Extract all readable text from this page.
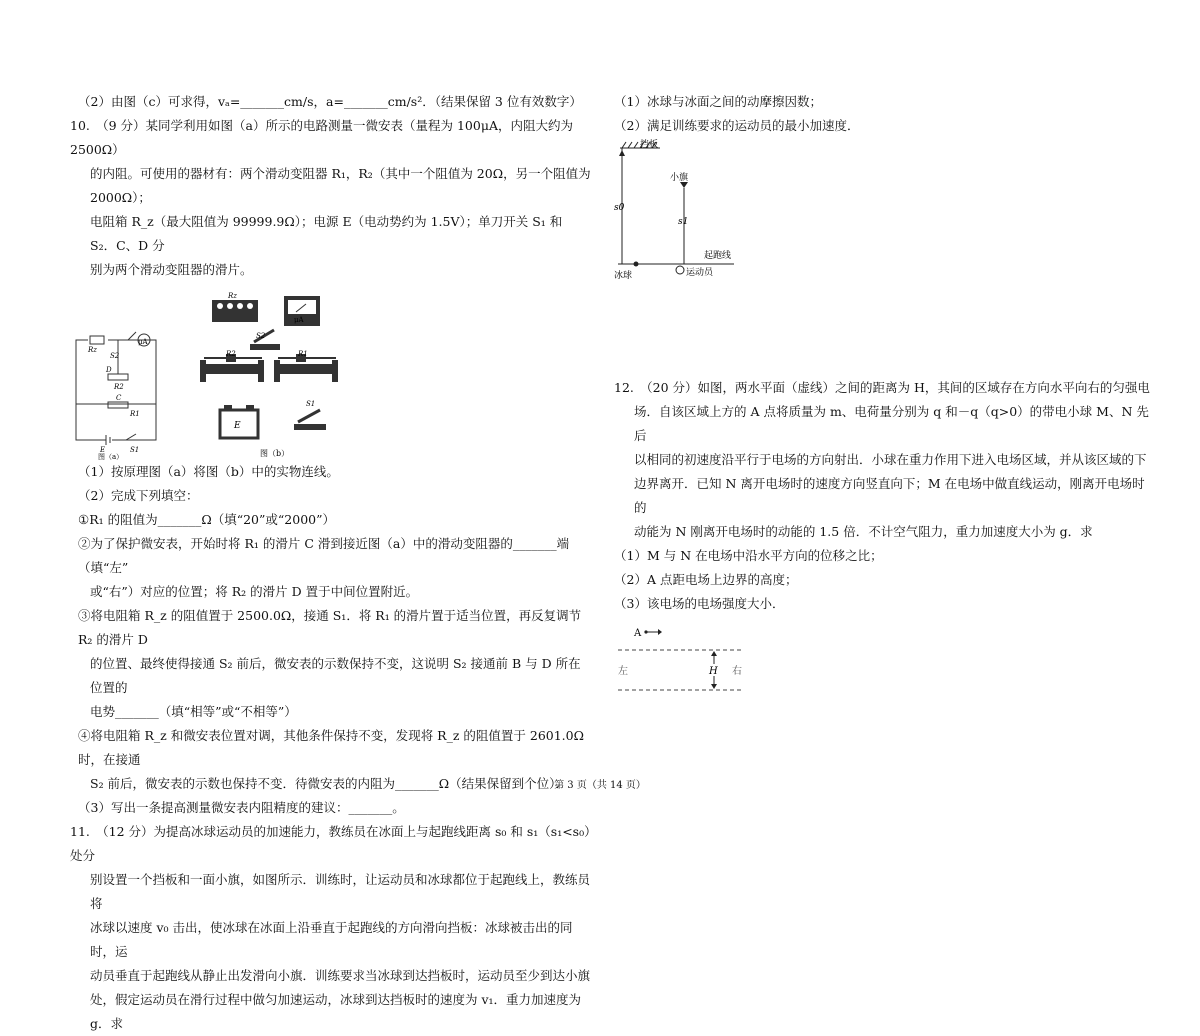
（2）由图（c）可求得，vₐ=_______cm/s，a=_______cm/s²．（结果保留 3 位有效数字）

10.　（9 分）某同学利用如图（a）所示的电路测量一微安表（量程为 100μA，内阻大约为 2500Ω）

的内阻。可使用的器材有：两个滑动变阻器 R₁，R₂（其中一个阻值为 20Ω，另一个阻值为 2000Ω）；

电阻箱 R_z（最大阻值为 99999.9Ω）；电源 E（电动势约为 1.5V）；单刀开关 S₁ 和 S₂．C、D 分

别为两个滑动变阻器的滑片。

μA
Rz
S2
D
R2
C
R1
E	S1
图（a）
Rz
μA
S2
R2	R1
E
S1
图（b）

（1）按原理图（a）将图（b）中的实物连线。

（2）完成下列填空：

①R₁ 的阻值为_______Ω（填“20”或“2000”）

②为了保护微安表，开始时将 R₁ 的滑片 C 滑到接近图（a）中的滑动变阻器的_______端（填“左”

或“右”）对应的位置；将 R₂ 的滑片 D 置于中间位置附近。

③将电阻箱 R_z 的阻值置于 2500.0Ω，接通 S₁．将 R₁ 的滑片置于适当位置，再反复调节 R₂ 的滑片 D

的位置、最终使得接通 S₂ 前后，微安表的示数保持不变，这说明 S₂ 接通前 B 与 D 所在位置的

电势_______（填“相等”或“不相等”）

④将电阻箱 R_z 和微安表位置对调，其他条件保持不变，发现将 R_z 的阻值置于 2601.0Ω 时，在接通

S₂ 前后，微安表的示数也保持不变．待微安表的内阻为_______Ω（结果保留到个位）．

（3）写出一条提高测量微安表内阻精度的建议：_______。

11.　（12 分）为提高冰球运动员的加速能力，教练员在冰面上与起跑线距离 s₀ 和 s₁（s₁<s₀）处分

别设置一个挡板和一面小旗，如图所示．训练时，让运动员和冰球都位于起跑线上，教练员将

冰球以速度 v₀ 击出，使冰球在冰面上沿垂直于起跑线的方向滑向挡板：冰球被击出的同时，运

动员垂直于起跑线从静止出发滑向小旗．训练要求当冰球到达挡板时，运动员至少到达小旗

处，假定运动员在滑行过程中做匀加速运动，冰球到达挡板时的速度为 v₁．重力加速度为 g．求

（1）冰球与冰面之间的动摩擦因数；

（2）满足训练要求的运动员的最小加速度．

挡板
小旗
s0
s1
起跑线
冰球	运动员

12.　（20 分）如图，两水平面（虚线）之间的距离为 H，其间的区域存在方向水平向右的匀强电

场．自该区域上方的 A 点将质量为 m、电荷量分别为 q 和－q（q>0）的带电小球 M、N 先后

以相同的初速度沿平行于电场的方向射出．小球在重力作用下进入电场区域，并从该区域的下

边界离开．已知 N 离开电场时的速度方向竖直向下；M 在电场中做直线运动，刚离开电场时的

动能为 N 刚离开电场时的动能的 1.5 倍．不计空气阻力，重力加速度大小为 g．求

（1）M 与 N 在电场中沿水平方向的位移之比；

（2）A 点距电场上边界的高度；

（3）该电场的电场强度大小．

A
左	H 右
第 3 页（共 14 页）
